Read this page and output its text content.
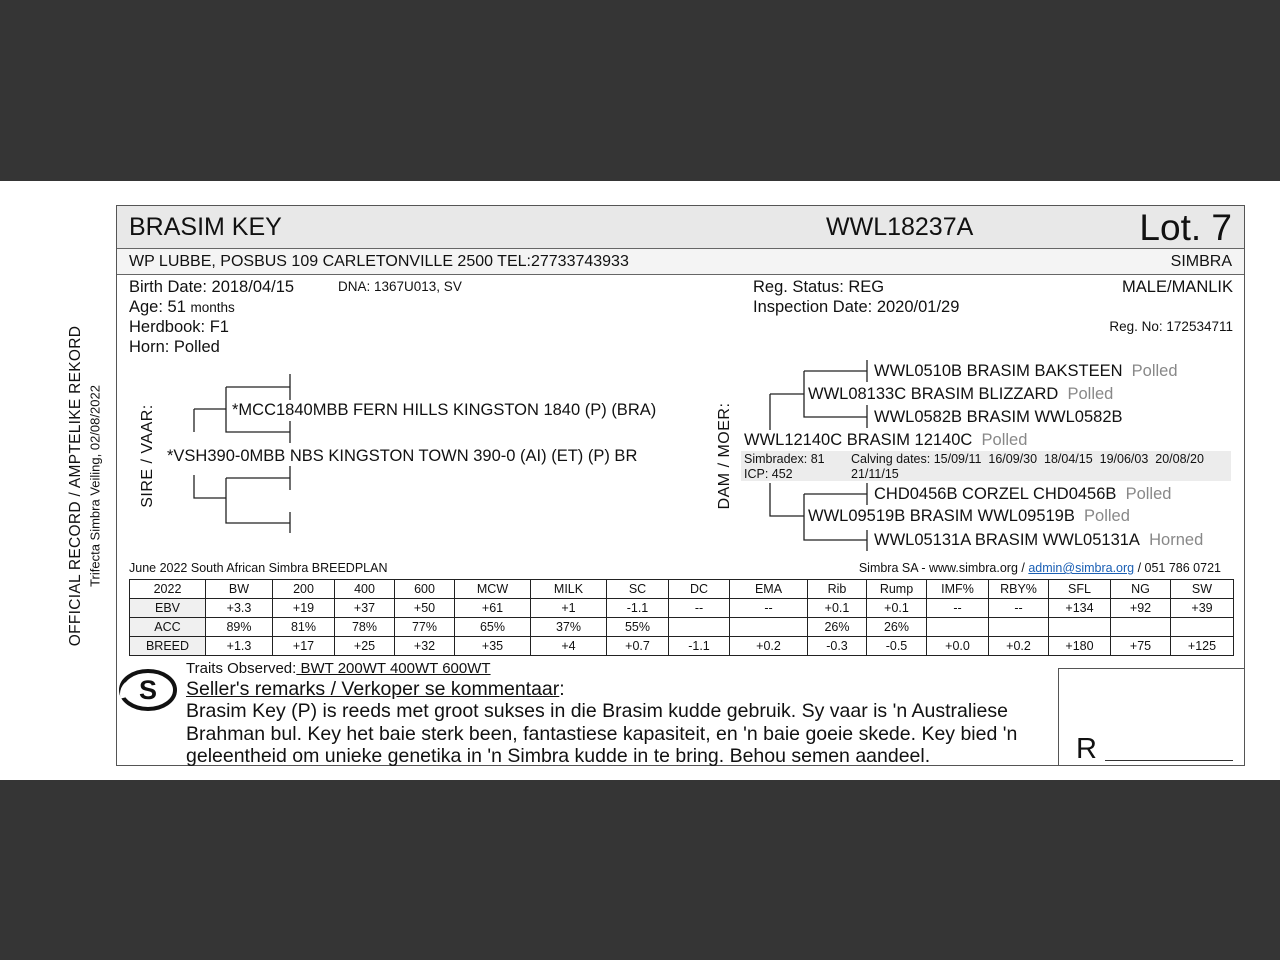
OFFICIAL RECORD / AMPTELIKE REKORD Trifecta Simbra Veiling, 02/08/2022
BRASIM KEY	WWL18237A	Lot. 7
WP LUBBE, POSBUS 109 CARLETONVILLE 2500 TEL:27733743933	SIMBRA
Birth Date: 2018/04/15	DNA: 1367U013, SV
Age: 51 months
Herdbook: F1
Horn: Polled
Reg. Status: REG
Inspection Date: 2020/01/29
MALE/MANLIK
Reg. No: 172534711
SIRE / VAAR:	DAM / MOER:
*MCC1840MBB FERN HILLS KINGSTON 1840 (P) (BRA)
*VSH390-0MBB NBS KINGSTON TOWN 390-0 (AI) (ET) (P) BR
WWL0510B BRASIM BAKSTEEN Polled
WWL08133C BRASIM BLIZZARD Polled
WWL0582B BRASIM WWL0582B
WWL12140C BRASIM 12140C Polled
Simbradex: 81
ICP: 452
Calving dates: 15/09/11 16/09/30 18/04/15 19/06/03 20/08/20
21/11/15
CHD0456B CORZEL CHD0456B Polled
WWL09519B BRASIM WWL09519B Polled
WWL05131A BRASIM WWL05131A Horned
June 2022 South African Simbra BREEDPLAN	Simbra SA - www.simbra.org / admin@simbra.org / 051 786 0721
2022	BW	200	400	600	MCW	MILK	SC	DC	EMA	Rib	Rump	IMF%	RBY%	SFL	NG	SW
EBV	+3.3	+19	+37	+50	+61	+1	-1.1	--	--	+0.1	+0.1	--	--	+134	+92	+39
ACC	89%	81%	78%	77%	65%	37%	55%			26%	26%					
BREED	+1.3	+17	+25	+32	+35	+4	+0.7	-1.1	+0.2	-0.3	-0.5	+0.0	+0.2	+180	+75	+125
S
Traits Observed: BWT 200WT 400WT 600WT
Seller's remarks / Verkoper se kommentaar:
Brasim Key (P) is reeds met groot sukses in die Brasim kudde gebruik. Sy vaar is 'n Australiese Brahman bul. Key het baie sterk been, fantastiese kapasiteit, en 'n baie goeie skede. Key bied 'n geleentheid om unieke genetika in 'n Simbra kudde in te bring. Behou semen aandeel.	R
